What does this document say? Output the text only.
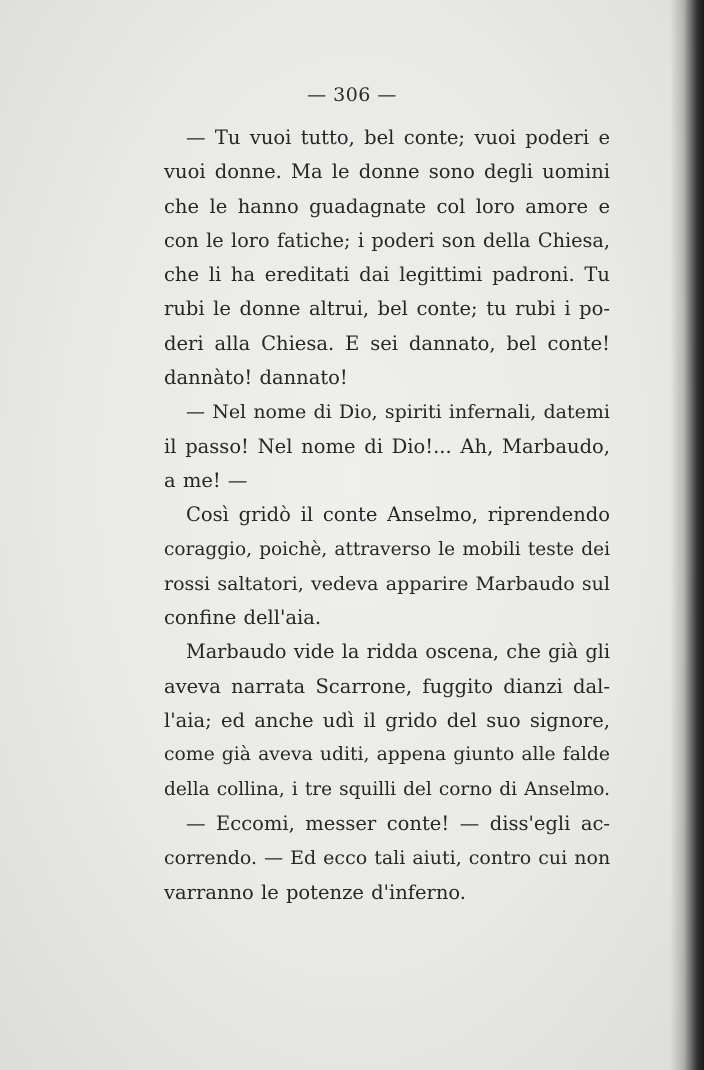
— 306 —
— Tu vuoi tutto, bel conte; vuoi poderi e
vuoi donne. Ma le donne sono degli uomini
che le hanno guadagnate col loro amore e
con le loro fatiche; i poderi son della Chiesa,
che li ha ereditati dai legittimi padroni. Tu
rubi le donne altrui, bel conte; tu rubi i po-
deri alla Chiesa. E sei dannato, bel conte!
dannàto! dannato!
— Nel nome di Dio, spiriti infernali, datemi
il passo! Nel nome di Dio!... Ah, Marbaudo,
a me! —
Così gridò il conte Anselmo, riprendendo
coraggio, poichè, attraverso le mobili teste dei
rossi saltatori, vedeva apparire Marbaudo sul
confine dell'aia.
Marbaudo vide la ridda oscena, che già gli
aveva narrata Scarrone, fuggito dianzi dal-
l'aia; ed anche udì il grido del suo signore,
come già aveva uditi, appena giunto alle falde
della collina, i tre squilli del corno di Anselmo.
— Eccomi, messer conte! — diss'egli ac-
correndo. — Ed ecco tali aiuti, contro cui non
varranno le potenze d'inferno.
